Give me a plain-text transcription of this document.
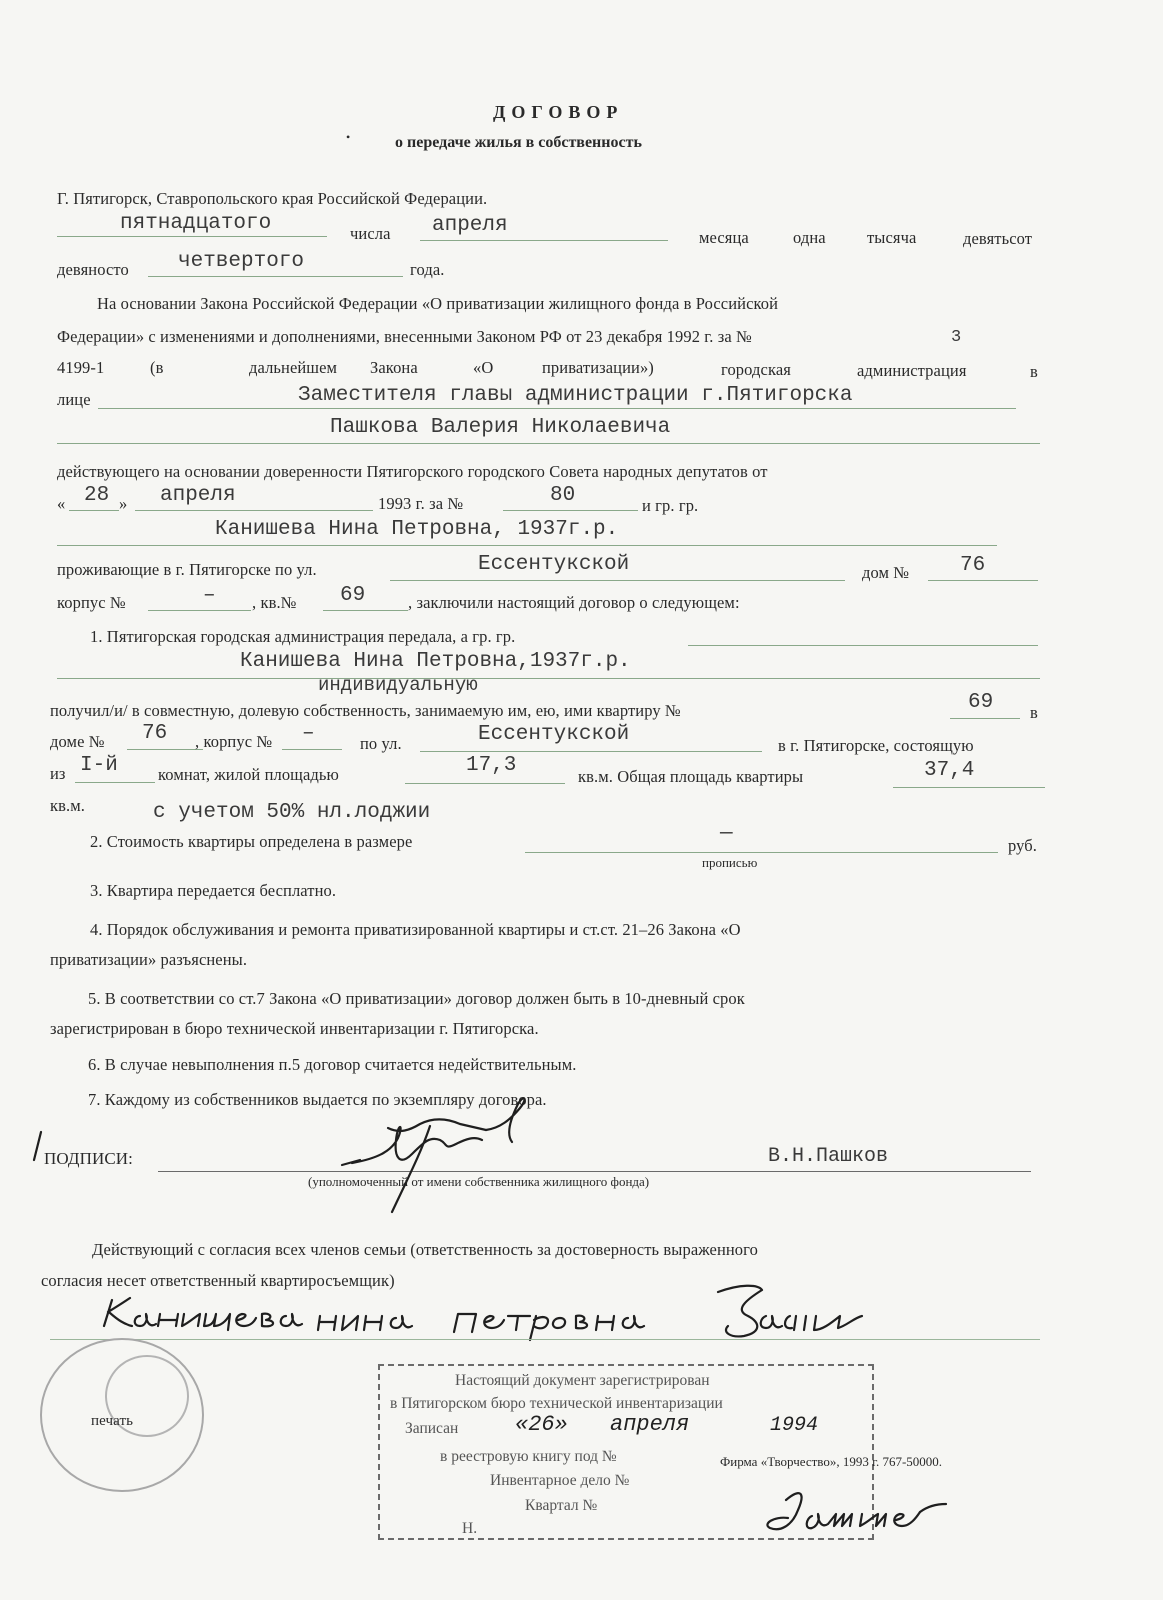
ДОГОВОР
о передаче жилья в собственность
•
Г. Пятигорск, Ставропольского края Российской Федерации.
пятнадцатого	числа апреля
месяца	одна	тысяча	девятьсот
девяносто четвертого	года.
На основании Закона Российской Федерации «О приватизации жилищного фонда в Российской
Федерации» с изменениями и дополнениями, внесенными Законом РФ от 23 декабря 1992 г. за №	3
4199-1	(в	дальнейшем Закона	«О	приватизации»)	городская	администрация	в
лице	Заместителя главы администрации г.Пятигорска
Пашкова Валерия Николаевича
действующего на основании доверенности Пятигорского городского Совета народных депутатов от
« 28 » апреля	1993 г. за №	80	и гр. гр.
Канишева Нина Петровна, 1937г.р.
проживающие в г. Пятигорске по ул.	Ессентукской	дом № 76
корпус №	– , кв.№ 69	, заключили настоящий договор о следующем:
1. Пятигорская городская администрация передала, а гр. гр.
Канишева Нина Петровна,1937г.р.
индивидуальную
получил/и/ в совместную, долевую собственность, занимаемую им, ею, ими квартиру №	69 в
доме № 76 , корпус № –	по ул.	Ессентукской	в г. Пятигорске, состоящую
из I-й комнат, жилой площадью	17,3	кв.м. Общая площадь квартиры	37,4
кв.м.	с учетом 50% нл.лоджии
2. Стоимость квартиры определена в размере	—
руб.
прописью
3. Квартира передается бесплатно.
4. Порядок обслуживания и ремонта приватизированной квартиры и ст.ст. 21–26 Закона «О
приватизации» разъяснены.
5. В соответствии со ст.7 Закона «О приватизации» договор должен быть в 10-дневный срок
зарегистрирован в бюро технической инвентаризации г. Пятигорска.
6. В случае невыполнения п.5 договор считается недействительным.
7. Каждому из собственников выдается по экземпляру договора.
ПОДПИСИ:	В.Н.Пашков
(уполномоченный от имени собственника жилищного фонда)
Действующий с согласия всех членов семьи (ответственность за достоверность выраженного
согласия несет ответственный квартиросъемщик)
печать
Настоящий документ зарегистрирован
в Пятигорском бюро технической инвентаризации
Записан	«26» апреля	1994
в реестровую книгу под №	Фирма «Творчество», 1993 г. 767-50000.
Инвентарное дело №
Квартал №
Н.
